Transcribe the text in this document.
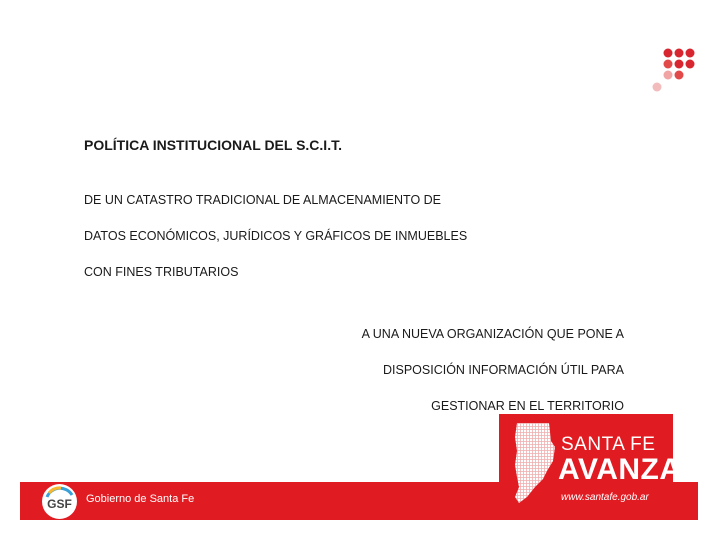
POLÍTICA INSTITUCIONAL DEL S.C.I.T.
DE UN CATASTRO TRADICIONAL DE ALMACENAMIENTO DE
DATOS ECONÓMICOS, JURÍDICOS Y GRÁFICOS DE INMUEBLES
CON FINES TRIBUTARIOS
A UNA NUEVA ORGANIZACIÓN QUE PONE A
DISPOSICIÓN INFORMACIÓN ÚTIL PARA
GESTIONAR EN EL TERRITORIO
GSF Gobierno de Santa Fe
SANTA FE
AVANZA
www.santafe.gob.ar
